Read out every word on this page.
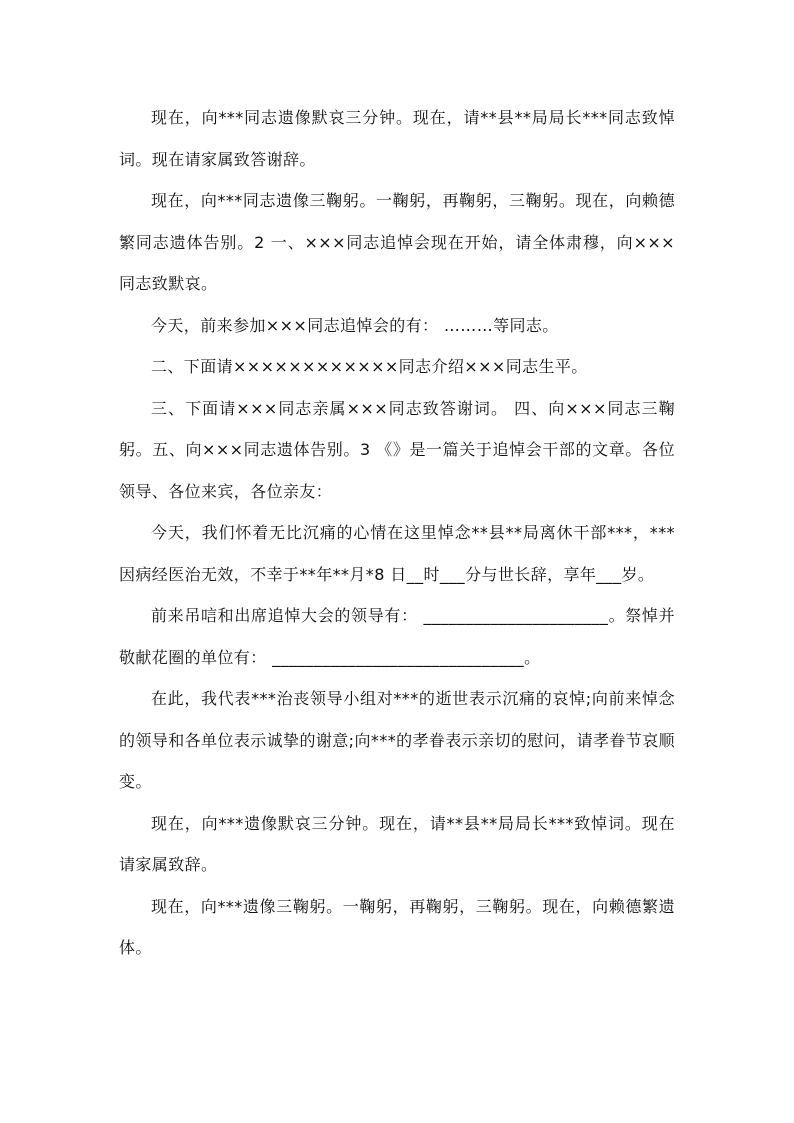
现在，向***同志遗像默哀三分钟。现在，请**县**局局长***同志致悼词。现在请家属致答谢辞。

现在，向***同志遗像三鞠躬。一鞠躬，再鞠躬，三鞠躬。现在，向赖德繁同志遗体告别。2 一、×××同志追悼会现在开始，请全体肃穆，向×××同志致默哀。

今天，前来参加×××同志追悼会的有： ………等同志。

二、下面请××××××××××××同志介绍×××同志生平。

三、下面请×××同志亲属×××同志致答谢词。 四、向×××同志三鞠躬。五、向×××同志遗体告别。3 《》是一篇关于追悼会干部的文章。各位领导、各位来宾，各位亲友：

今天，我们怀着无比沉痛的心情在这里悼念**县**局离休干部***，***因病经医治无效，不幸于**年**月*8 日__时___分与世长辞，享年___岁。

前来吊唁和出席追悼大会的领导有： ______________________。祭悼并敬献花圈的单位有： ______________________________。

在此，我代表***治丧领导小组对***的逝世表示沉痛的哀悼;向前来悼念的领导和各单位表示诚挚的谢意;向***的孝眷表示亲切的慰问，请孝眷节哀顺变。

现在，向***遗像默哀三分钟。现在，请**县**局局长***致悼词。现在请家属致辞。

现在，向***遗像三鞠躬。一鞠躬，再鞠躬，三鞠躬。现在，向赖德繁遗体。
